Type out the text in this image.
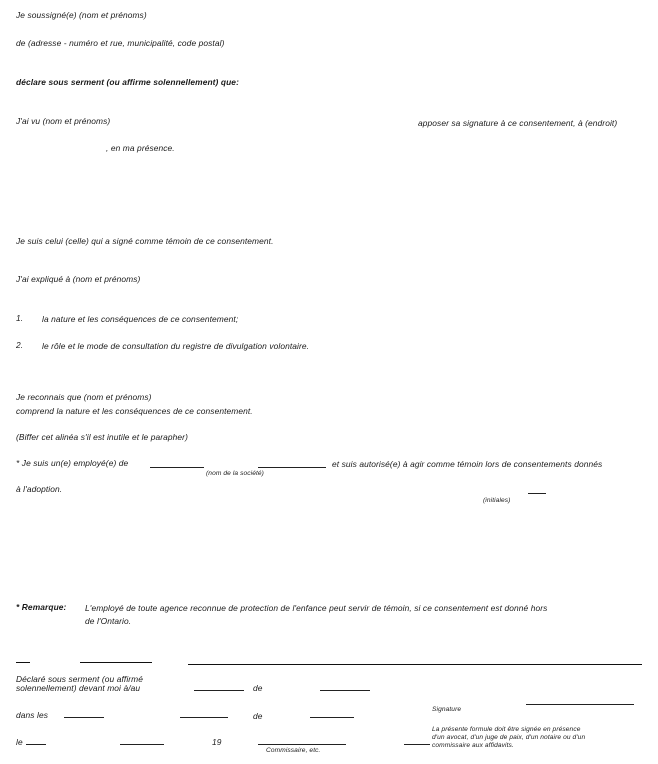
Je soussigné(e) (nom et prénoms)
de (adresse - numéro et rue, municipalité, code postal)
déclare sous serment (ou affirme solennellement) que:
J'ai vu (nom et prénoms)	apposer sa signature à ce consentement, à (endroit)
, en ma présence.
Je suis celui (celle) qui a signé comme témoin de ce consentement.
J'ai expliqué à (nom et prénoms)
1. la nature et les conséquences de ce consentement;
2. le rôle et le mode de consultation du registre de divulgation volontaire.
Je reconnais que (nom et prénoms)
comprend la nature et les conséquences de ce consentement.
(Biffer cet alinéa s'il est inutile et le parapher)
* Je suis un(e) employé(e) de	et suis autorisé(e) à agir comme témoin lors de consentements donnés
(nom de la société)
à l'adoption.
(initiales)
* Remarque: L'employé de toute agence reconnue de protection de l'enfance peut servir de témoin, si ce consentement est donné hors
de l'Ontario.
Déclaré sous serment (ou affirmé
solennellement) devant moi à/au	de
Signature
dans les	de
La présente formule doit être signée en présence
d'un avocat, d'un juge de paix, d'un notaire ou d'un
commissaire aux affidavits.
le	19
Commissaire, etc.
